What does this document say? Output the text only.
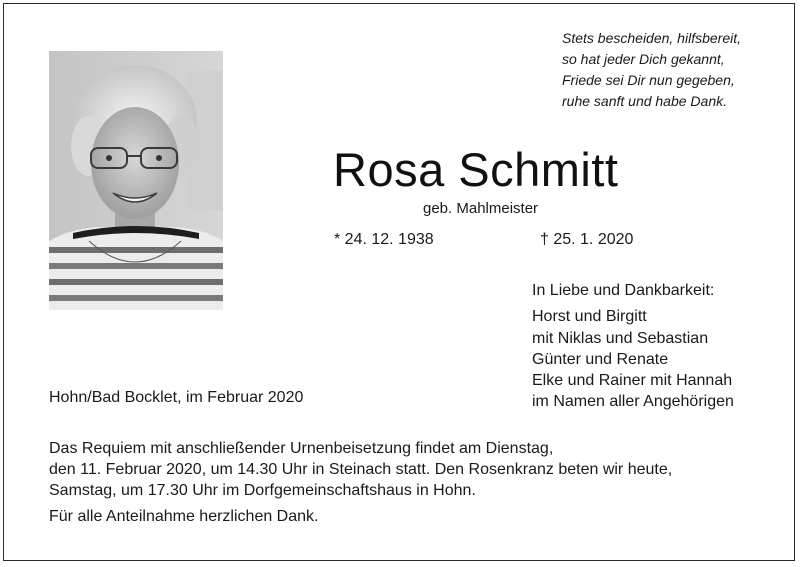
Stets bescheiden, hilfsbereit,
so hat jeder Dich gekannt,
Friede sei Dir nun gegeben,
ruhe sanft und habe Dank.
Rosa Schmitt
geb. Mahlmeister
* 24. 12. 1938	† 25. 1. 2020
In Liebe und Dankbarkeit:
Horst und Birgitt
mit Niklas und Sebastian
Günter und Renate
Elke und Rainer mit Hannah
im Namen aller Angehörigen
Hohn/Bad Bocklet, im Februar 2020
Das Requiem mit anschließender Urnenbeisetzung findet am Dienstag,
den 11. Februar 2020, um 14.30 Uhr in Steinach statt. Den Rosenkranz beten wir heute,
Samstag, um 17.30 Uhr im Dorfgemeinschaftshaus in Hohn.
Für alle Anteilnahme herzlichen Dank.
